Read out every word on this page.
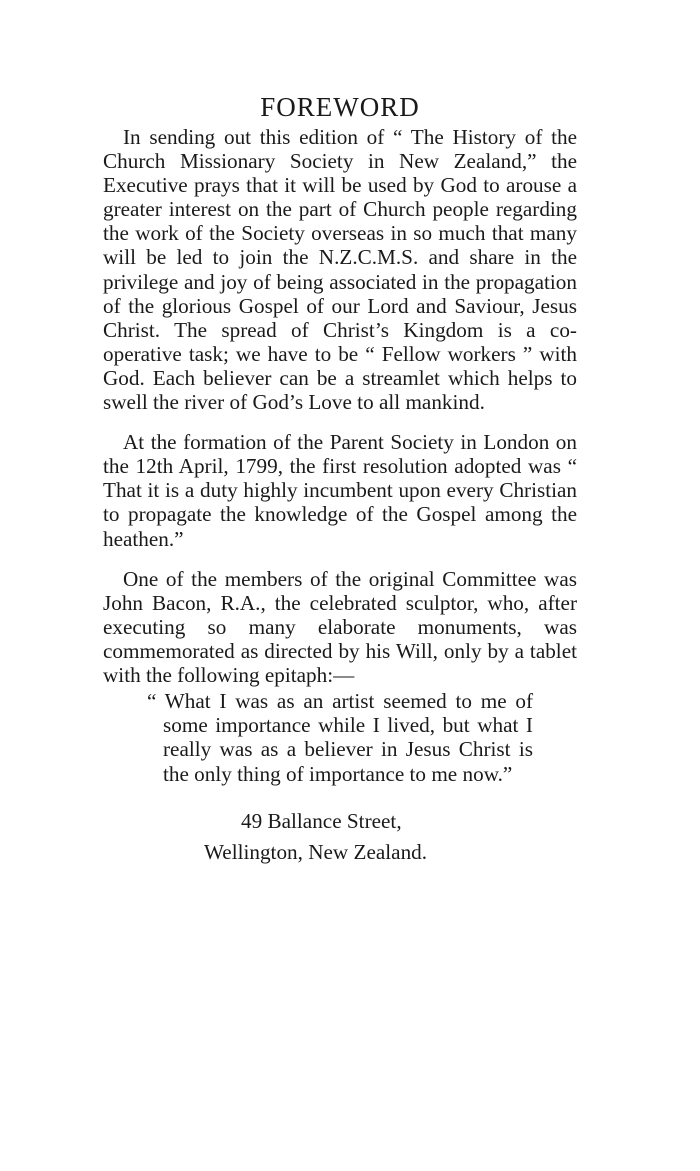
FOREWORD

In sending out this edition of “ The History of the Church Missionary Society in New Zealand,” the Executive prays that it will be used by God to arouse a greater interest on the part of Church people regarding the work of the Society overseas in so much that many will be led to join the N.Z.C.M.S. and share in the privilege and joy of being associated in the propagation of the glorious Gospel of our Lord and Saviour, Jesus Christ. The spread of Christ’s Kingdom is a co-operative task; we have to be “ Fellow workers ” with God. Each believer can be a streamlet which helps to swell the river of God’s Love to all mankind.

At the formation of the Parent Society in London on the 12th April, 1799, the first resolution adopted was “ That it is a duty highly incumbent upon every Christian to propagate the knowledge of the Gospel among the heathen.”

One of the members of the original Committee was John Bacon, R.A., the celebrated sculptor, who, after executing so many elaborate monuments, was commemorated as directed by his Will, only by a tablet with the following epitaph:—

“ What I was as an artist seemed to me of some importance while I lived, but what I really was as a believer in Jesus Christ is the only thing of importance to me now.”

49 Ballance Street,
Wellington, New Zealand.
